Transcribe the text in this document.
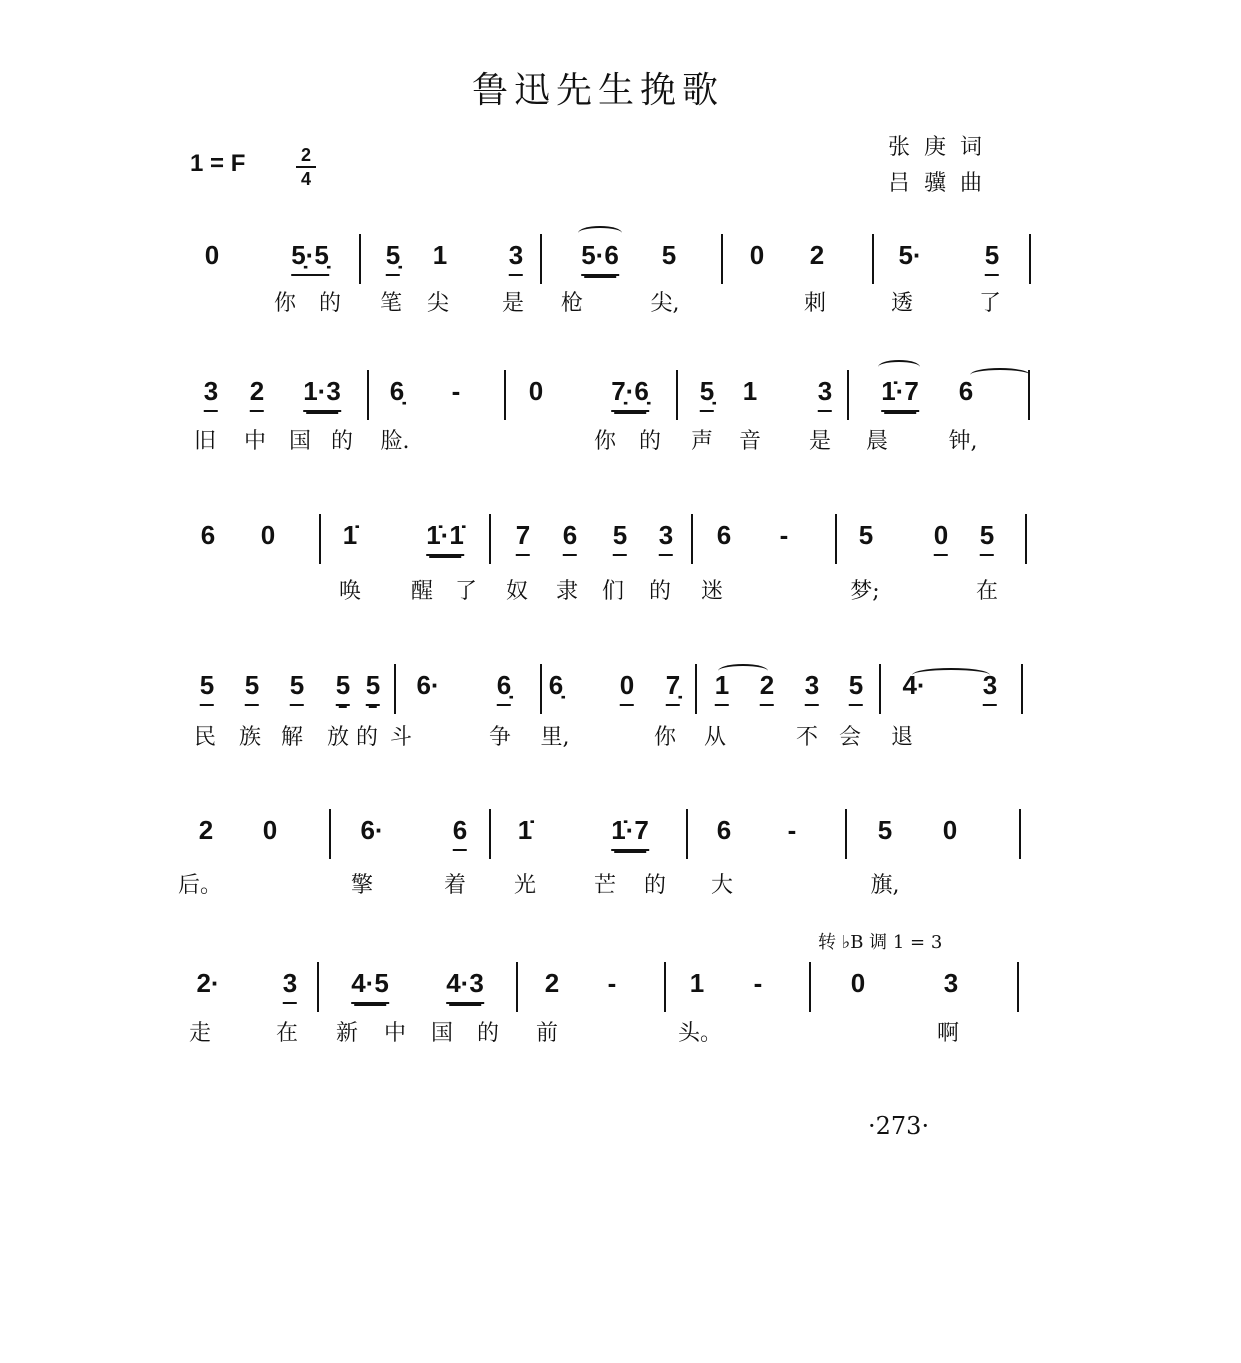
鲁迅先生挽歌
1 = F	2
4
张庚词
吕骥曲
转 ♭B 调 1 = 3
·273·
0	5̣·5̣ 5̣ 1 3 5·6 5	0 2	5· 5
你 的 笔 尖 是 枪	尖,	刺	透	了
3 2 1·3 6̣ -	0	7̣·6̣ 5̣ 1 3 1̇·7 6
旧 中 国 的 脸.	你 的 声 音 是 晨	钟,
6 0	1̇	1̇·1̇ 7 6 5 3 6 -	5 0 5
唤 醒 了 奴 隶 们 的 迷	梦;	在
5 5 5 5 5 6· 6̣ 6̣ 0 7̣ 1 2 3 5 4· 3
民 族 解 放 的 斗	争 里,	你 从	不 会 退
2 0	6·	6 1̇	1̇·7	6 -	5 0
后。	擎	着 光	芒 的 大	旗,
2· 3 4·5 4·3 2 -	1 -	0	3
走	在 新 中 国 的 前	头。	啊
